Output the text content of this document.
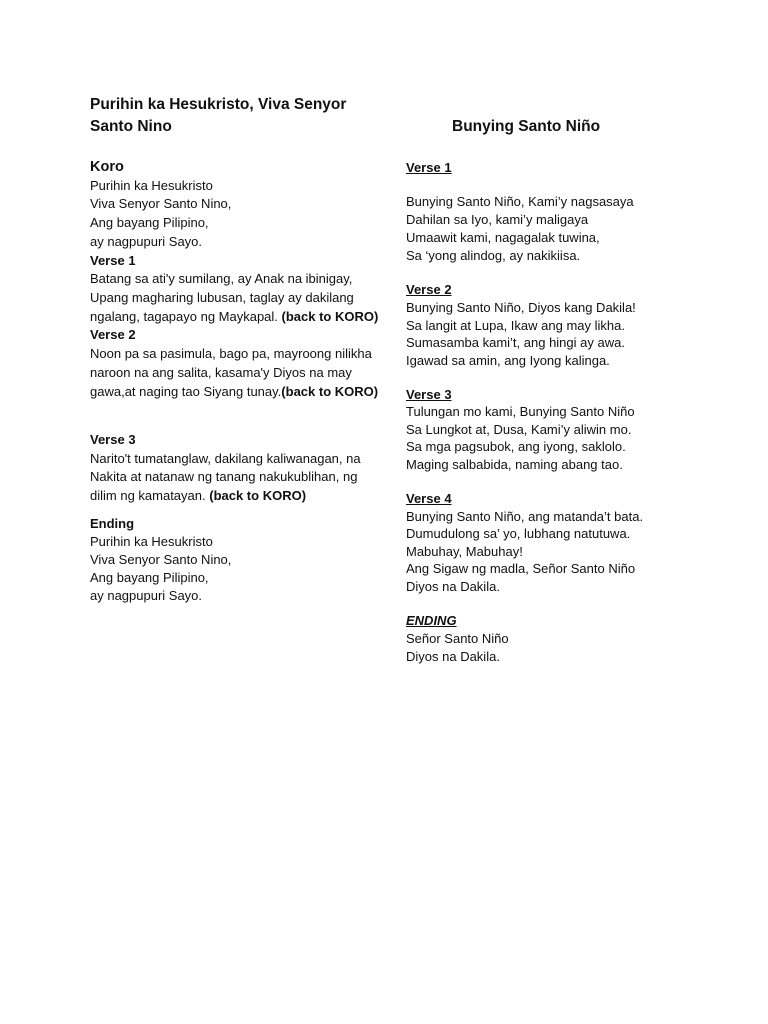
Purihin ka Hesukristo, Viva Senyor
Santo Nino
Koro
Purihin ka Hesukristo
Viva Senyor Santo Nino,
Ang bayang Pilipino,
ay nagpupuri Sayo.
Verse 1
Batang sa ati'y sumilang, ay Anak na ibinigay,
Upang magharing lubusan, taglay ay dakilang
ngalang, tagapayo ng Maykapal. (back to KORO)
Verse 2
Noon pa sa pasimula, bago pa, mayroong nilikha
naroon na ang salita, kasama'y Diyos na may
gawa,at naging tao Siyang tunay.(back to KORO)
Verse 3
Narito't tumatanglaw, dakilang kaliwanagan, na
Nakita at natanaw ng tanang nakukublihan, ng
dilim ng kamatayan. (back to KORO)
Ending
Purihin ka Hesukristo
Viva Senyor Santo Nino,
Ang bayang Pilipino,
ay nagpupuri Sayo.
Bunying Santo Niño
Verse 1
Bunying Santo Niño, Kami’y nagsasaya
Dahilan sa Iyo, kami’y maligaya
Umaawit kami, nagagalak tuwina,
Sa ‘yong alindog, ay nakikiisa.
Verse 2
Bunying Santo Niño, Diyos kang Dakila!
Sa langit at Lupa, Ikaw ang may likha.
Sumasamba kami’t, ang hingi ay awa.
Igawad sa amin, ang Iyong kalinga.
Verse 3
Tulungan mo kami, Bunying Santo Niño
Sa Lungkot at, Dusa, Kami’y aliwin mo.
Sa mga pagsubok, ang iyong, saklolo.
Maging salbabida, naming abang tao.
Verse 4
Bunying Santo Niño, ang matanda’t bata.
Dumudulong sa’ yo, lubhang natutuwa.
Mabuhay, Mabuhay!
Ang Sigaw ng madla, Señor Santo Niño
Diyos na Dakila.
ENDING
Señor Santo Niño
Diyos na Dakila.
